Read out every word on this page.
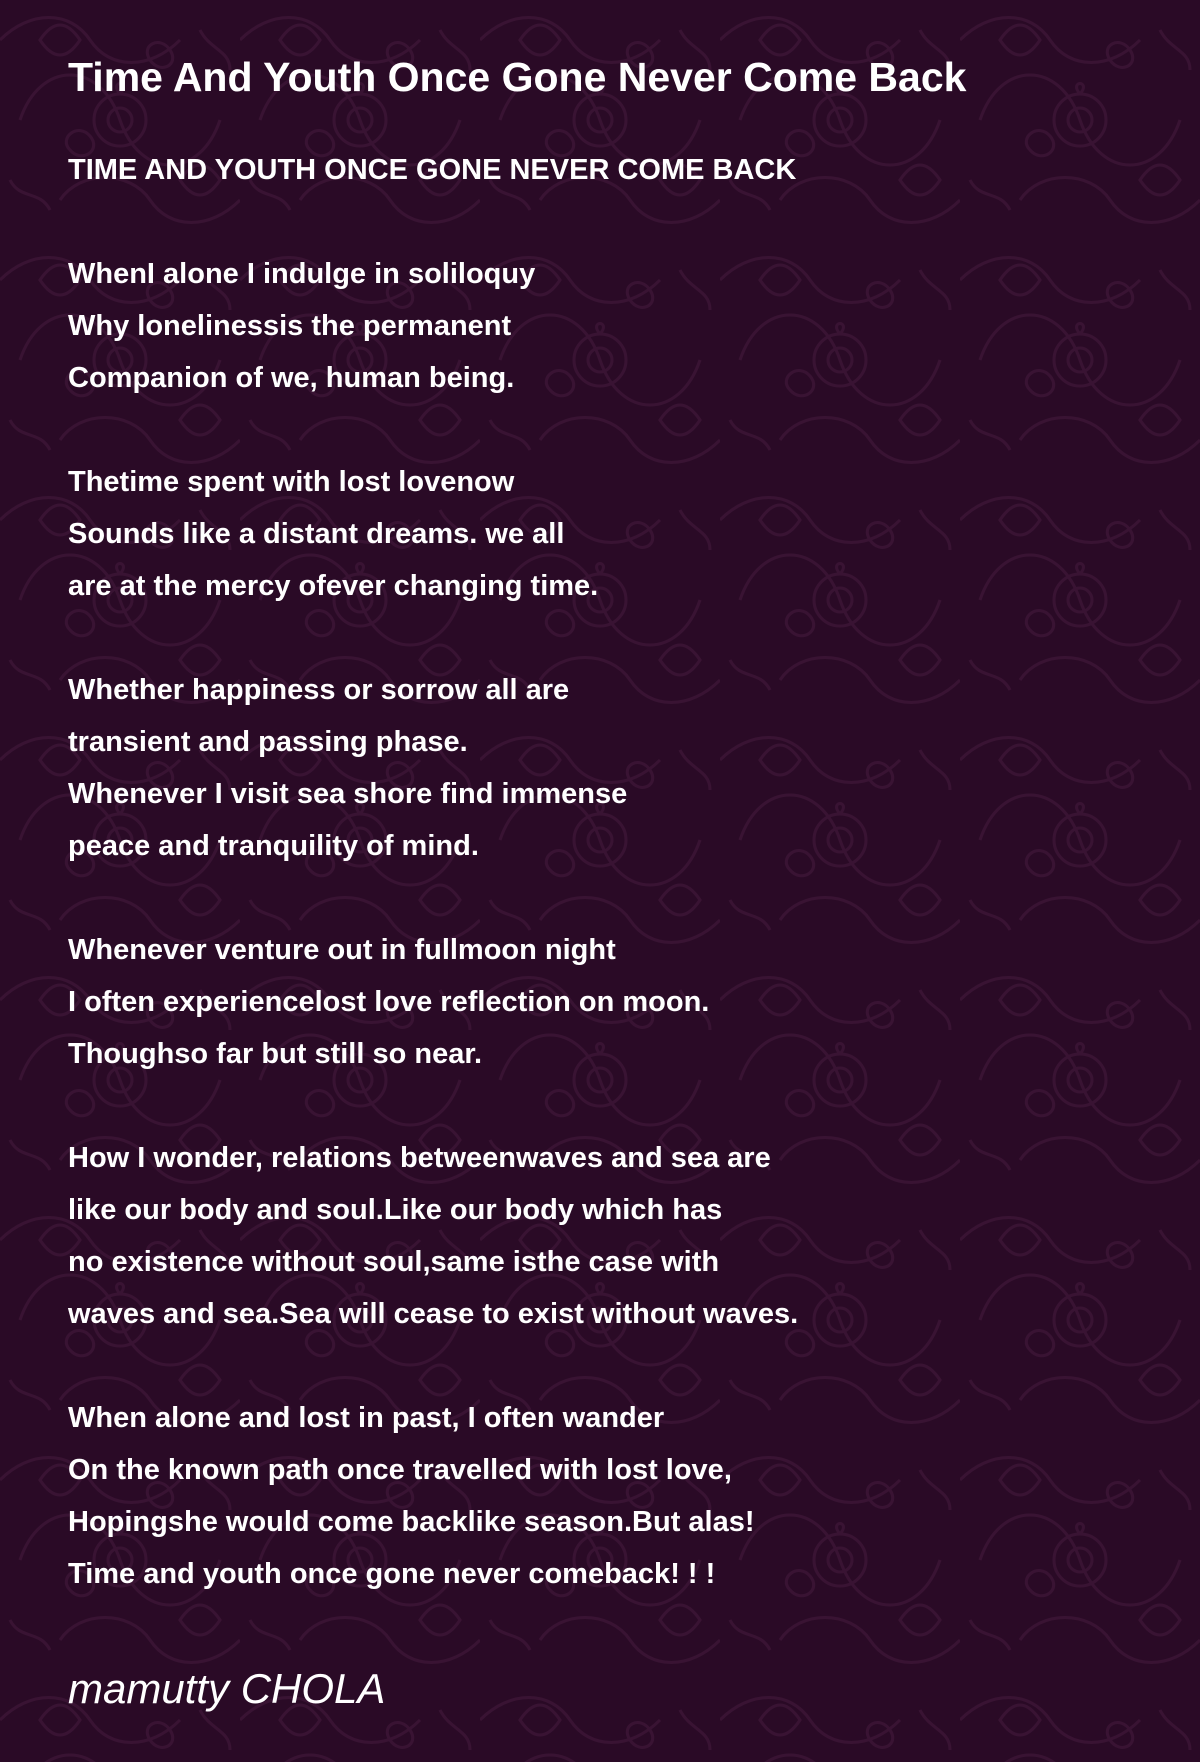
Time And Youth Once Gone Never Come Back
TIME AND YOUTH ONCE GONE NEVER COME BACK
WhenI alone I indulge in soliloquy
Why lonelinessis the permanent
Companion of we, human being.
Thetime spent with lost lovenow
Sounds like a distant dreams. we all
are at the mercy ofever changing time.
Whether happiness or sorrow all are
transient and passing phase.
Whenever I visit sea shore find immense
peace and tranquility of mind.
Whenever venture out in fullmoon night
I often experiencelost love reflection on moon.
Thoughso far but still so near.
How I wonder, relations betweenwaves and sea are
like our body and soul.Like our body which has
no existence without soul,same isthe case with
waves and sea.Sea will cease to exist without waves.
When alone and lost in past, I often wander
On the known path once travelled with lost love,
Hopingshe would come backlike season.But alas!
Time and youth once gone never comeback! ! !
mamutty CHOLA
